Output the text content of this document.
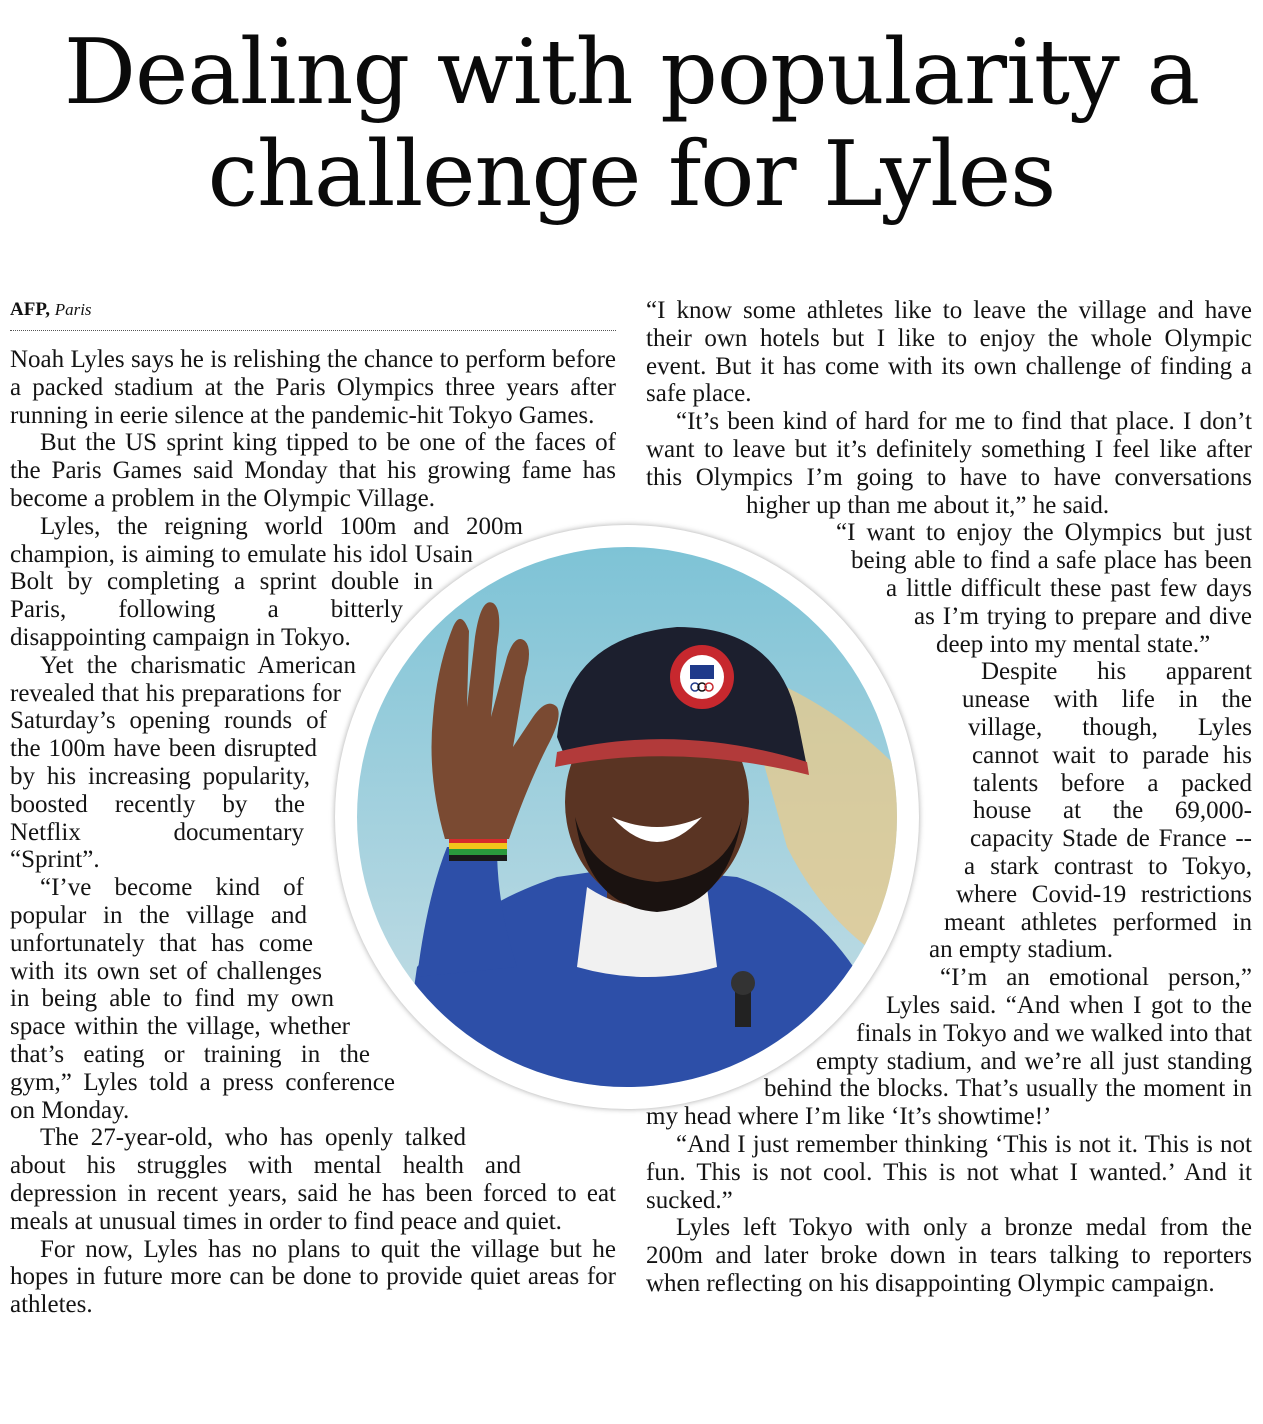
Dealing with popularity a
challenge for Lyles
AFP, Paris

Noah Lyles says he is relishing the chance to perform before a packed stadium at the Paris Olympics three years after running in eerie silence at the pandemic-hit Tokyo Games.

But the US sprint king tipped to be one of the faces of the Paris Games said Monday that his growing fame has become a problem in the Olympic Village.

Lyles, the reigning world 100m and 200m champion, is aiming to emulate his idol Usain Bolt by completing a sprint double in Paris, following a bitterly disappointing campaign in Tokyo.

Yet the charismatic American revealed that his preparations for Saturday’s opening rounds of the 100m have been disrupted by his increasing popularity, boosted recently by the Netflix documentary “Sprint”.

“I’ve become kind of popular in the village and unfortunately that has come with its own set of challenges in being able to find my own space within the village, whether that’s eating or training in the gym,” Lyles told a press conference on Monday.

The 27-year-old, who has openly talked about his struggles with mental health and depression in recent years, said he has been forced to eat meals at unusual times in order to find peace and quiet.

For now, Lyles has no plans to quit the village but he hopes in future more can be done to provide quiet areas for athletes.

“I know some athletes like to leave the village and have their own hotels but I like to enjoy the whole Olympic event. But it has come with its own challenge of finding a safe place.

“It’s been kind of hard for me to find that place. I don’t want to leave but it’s definitely something I feel like after this Olympics I’m going to have to have conversations higher up than me about it,” he said.

“I want to enjoy the Olympics but just being able to find a safe place has been a little difficult these past few days as I’m trying to prepare and dive deep into my mental state.”

Despite his apparent unease with life in the village, though, Lyles cannot wait to parade his talents before a packed house at the 69,000-capacity Stade de France -- a stark contrast to Tokyo, where Covid-19 restrictions meant athletes performed in an empty stadium.

“I’m an emotional person,” Lyles said. “And when I got to the finals in Tokyo and we walked into that empty stadium, and we’re all just standing behind the blocks. That’s usually the moment in my head where I’m like ‘It’s showtime!’

“And I just remember thinking ‘This is not it. This is not fun. This is not cool. This is not what I wanted.’ And it sucked.”

Lyles left Tokyo with only a bronze medal from the 200m and later broke down in tears talking to reporters when reflecting on his disappointing Olympic campaign.
